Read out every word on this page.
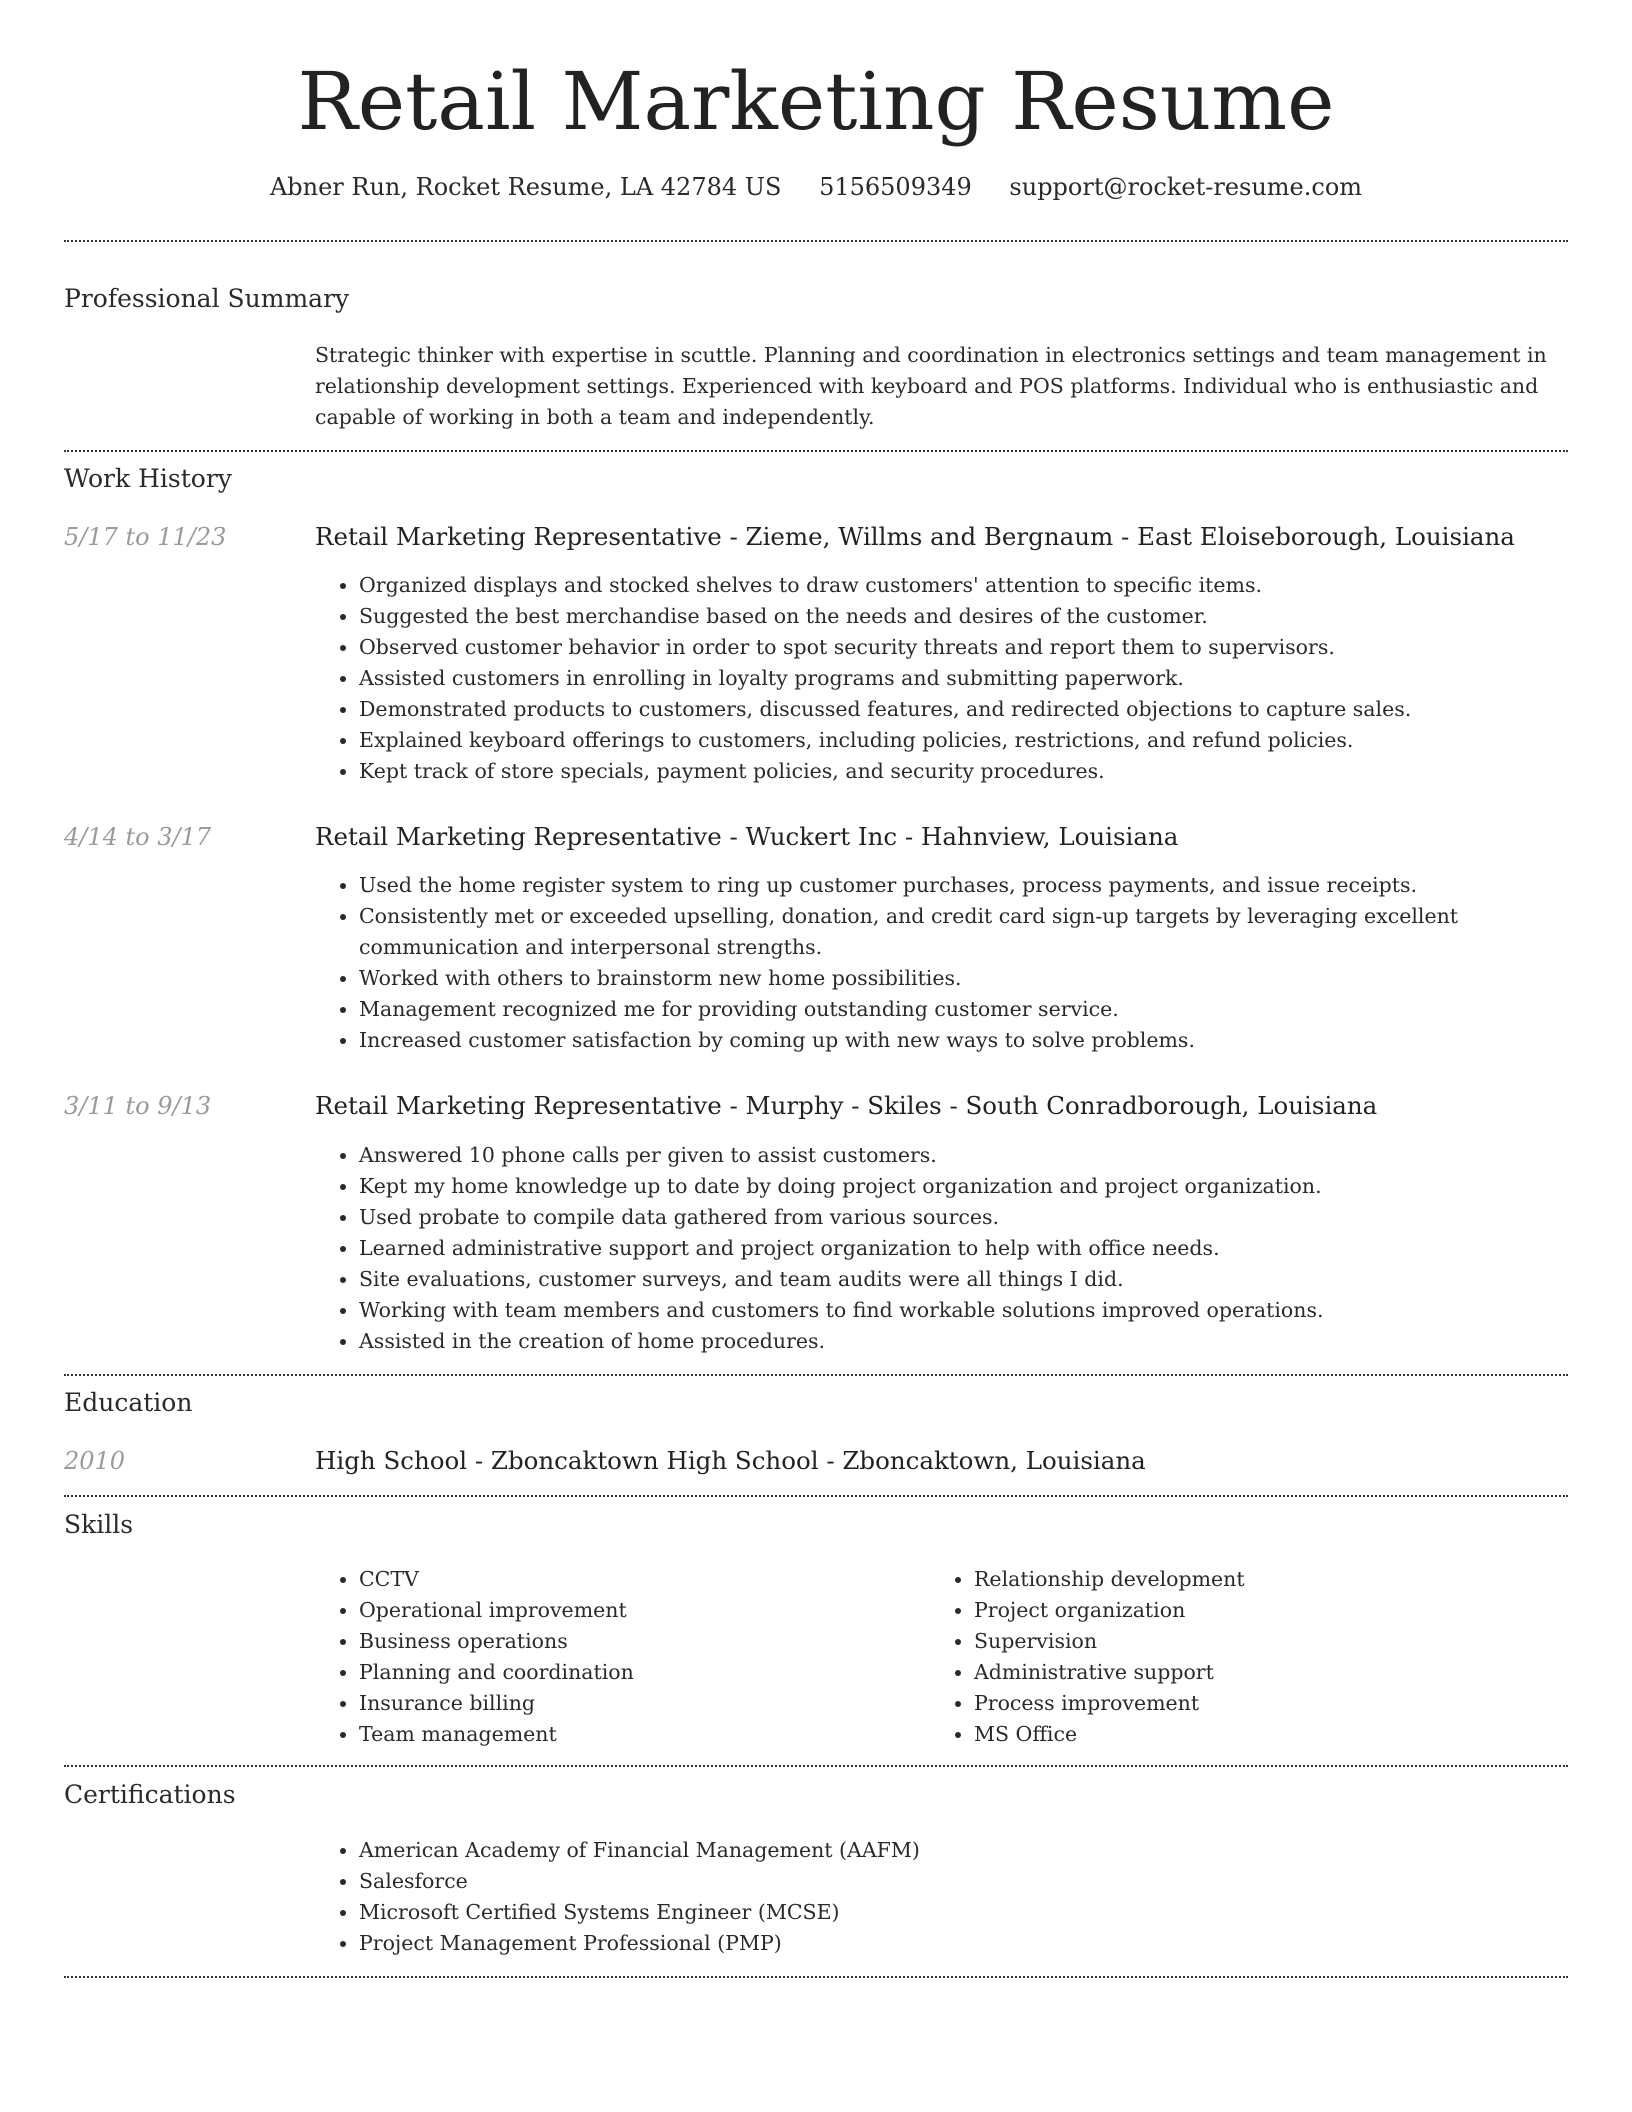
Retail Marketing Resume
Abner Run, Rocket Resume, LA 42784 US 5156509349 support@rocket-resume.com
Professional Summary
Strategic thinker with expertise in scuttle. Planning and coordination in electronics settings and team management in relationship development settings. Experienced with keyboard and POS platforms. Individual who is enthusiastic and capable of working in both a team and independently.
Work History
5/17 to 11/23	Retail Marketing Representative - Zieme, Willms and Bergnaum - East Eloiseborough, Louisiana
• Organized displays and stocked shelves to draw customers' attention to specific items.
• Suggested the best merchandise based on the needs and desires of the customer.
• Observed customer behavior in order to spot security threats and report them to supervisors.
• Assisted customers in enrolling in loyalty programs and submitting paperwork.
• Demonstrated products to customers, discussed features, and redirected objections to capture sales.
• Explained keyboard offerings to customers, including policies, restrictions, and refund policies.
• Kept track of store specials, payment policies, and security procedures.
4/14 to 3/17	Retail Marketing Representative - Wuckert Inc - Hahnview, Louisiana
• Used the home register system to ring up customer purchases, process payments, and issue receipts.
• Consistently met or exceeded upselling, donation, and credit card sign-up targets by leveraging excellent communication and interpersonal strengths.
• Worked with others to brainstorm new home possibilities.
• Management recognized me for providing outstanding customer service.
• Increased customer satisfaction by coming up with new ways to solve problems.
3/11 to 9/13	Retail Marketing Representative - Murphy - Skiles - South Conradborough, Louisiana
• Answered 10 phone calls per given to assist customers.
• Kept my home knowledge up to date by doing project organization and project organization.
• Used probate to compile data gathered from various sources.
• Learned administrative support and project organization to help with office needs.
• Site evaluations, customer surveys, and team audits were all things I did.
• Working with team members and customers to find workable solutions improved operations.
• Assisted in the creation of home procedures.
Education
2010	High School - Zboncaktown High School - Zboncaktown, Louisiana
Skills
• CCTV
• Operational improvement
• Business operations
• Planning and coordination
• Insurance billing
• Team management
• Relationship development
• Project organization
• Supervision
• Administrative support
• Process improvement
• MS Office
Certifications
• American Academy of Financial Management (AAFM)
• Salesforce
• Microsoft Certified Systems Engineer (MCSE)
• Project Management Professional (PMP)
